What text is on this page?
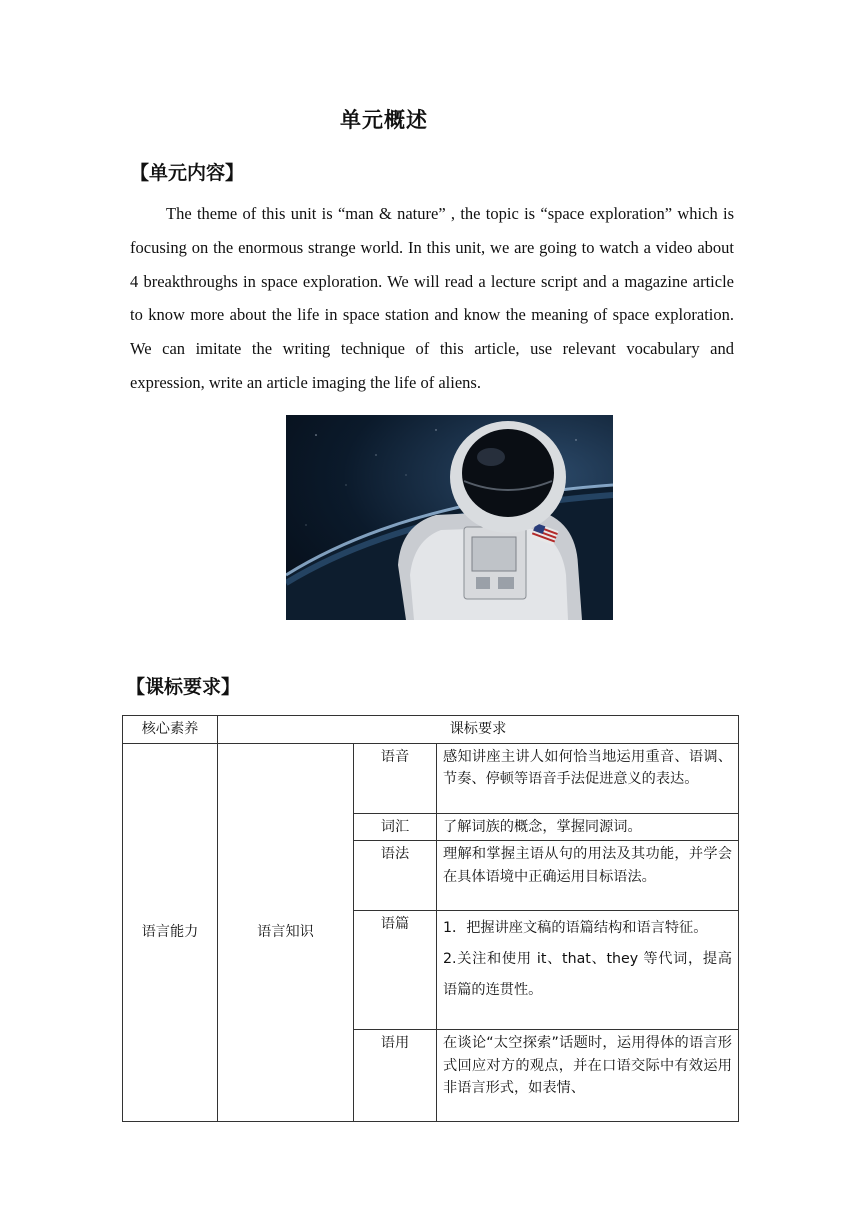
单元概述
【单元内容】

The theme of this unit is “man & nature” , the topic is “space exploration” which is focusing on the enormous strange world. In this unit, we are going to watch a video about 4 breakthroughs in space exploration. We will read a lecture script and a magazine article to know more about the life in space station and know the meaning of space exploration. We can imitate the writing technique of this article, use relevant vocabulary and expression, write an article imaging the life of aliens.

【课标要求】
核心素养	课标要求		
语言能力	语言知识	语音	感知讲座主讲人如何恰当地运用重音、语调、节奏、停顿等语音手法促进意义的表达。
		词汇	了解词族的概念，掌握同源词。
		语法	理解和掌握主语从句的用法及其功能，并学会在具体语境中正确运用目标语法。
		语篇	1．把握讲座文稿的语篇结构和语言特征。
2.关注和使用 it、that、they 等代词，提高语篇的连贯性。

		语用	在谈论“太空探索”话题时，运用得体的语言形式回应对方的观点，并在口语交际中有效运用非语言形式，如表情、
